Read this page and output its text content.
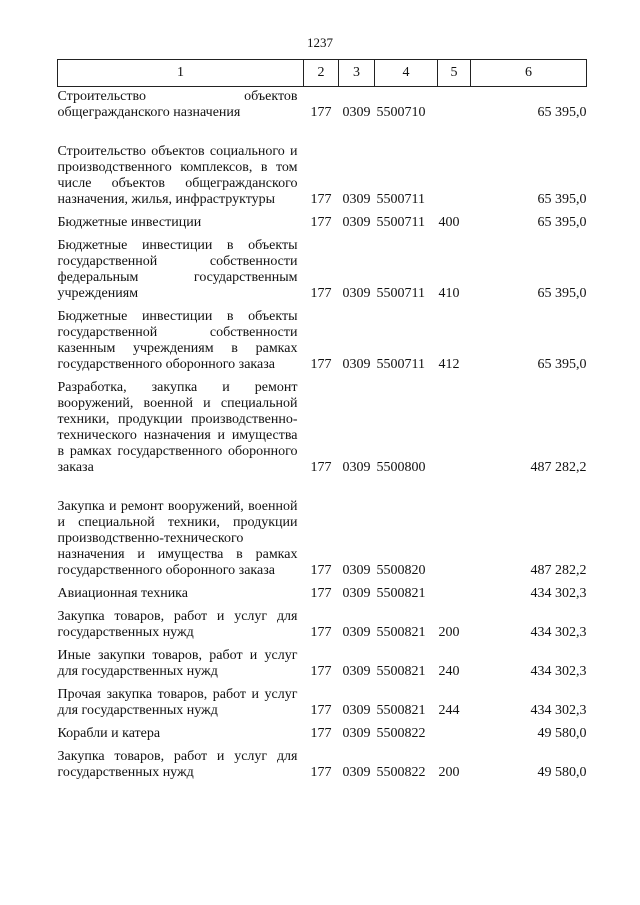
1237
1	2	3	4	5	6
Строительство объектов общегражданского назначения	177	0309	5500710		65 395,0
Строительство объектов социального и производственного комплексов, в том числе объектов общегражданского назначения, жилья, инфраструктуры	177	0309	5500711		65 395,0
Бюджетные инвестиции	177	0309	5500711	400	65 395,0
Бюджетные инвестиции в объекты государственной собственности федеральным государственным учреждениям	177	0309	5500711	410	65 395,0
Бюджетные инвестиции в объекты государственной собственности казенным учреждениям в рамках государственного оборонного заказа	177	0309	5500711	412	65 395,0
Разработка, закупка и ремонт вооружений, военной и специальной техники, продукции производственно-технического назначения и имущества в рамках государственного оборонного заказа	177	0309	5500800		487 282,2
Закупка и ремонт вооружений, военной и специальной техники, продукции производственно-технического назначения и имущества в рамках государственного оборонного заказа	177	0309	5500820		487 282,2
Авиационная техника	177	0309	5500821		434 302,3
Закупка товаров, работ и услуг для государственных нужд	177	0309	5500821	200	434 302,3
Иные закупки товаров, работ и услуг для государственных нужд	177	0309	5500821	240	434 302,3
Прочая закупка товаров, работ и услуг для государственных нужд	177	0309	5500821	244	434 302,3
Корабли и катера	177	0309	5500822		49 580,0
Закупка товаров, работ и услуг для государственных нужд	177	0309	5500822	200	49 580,0
